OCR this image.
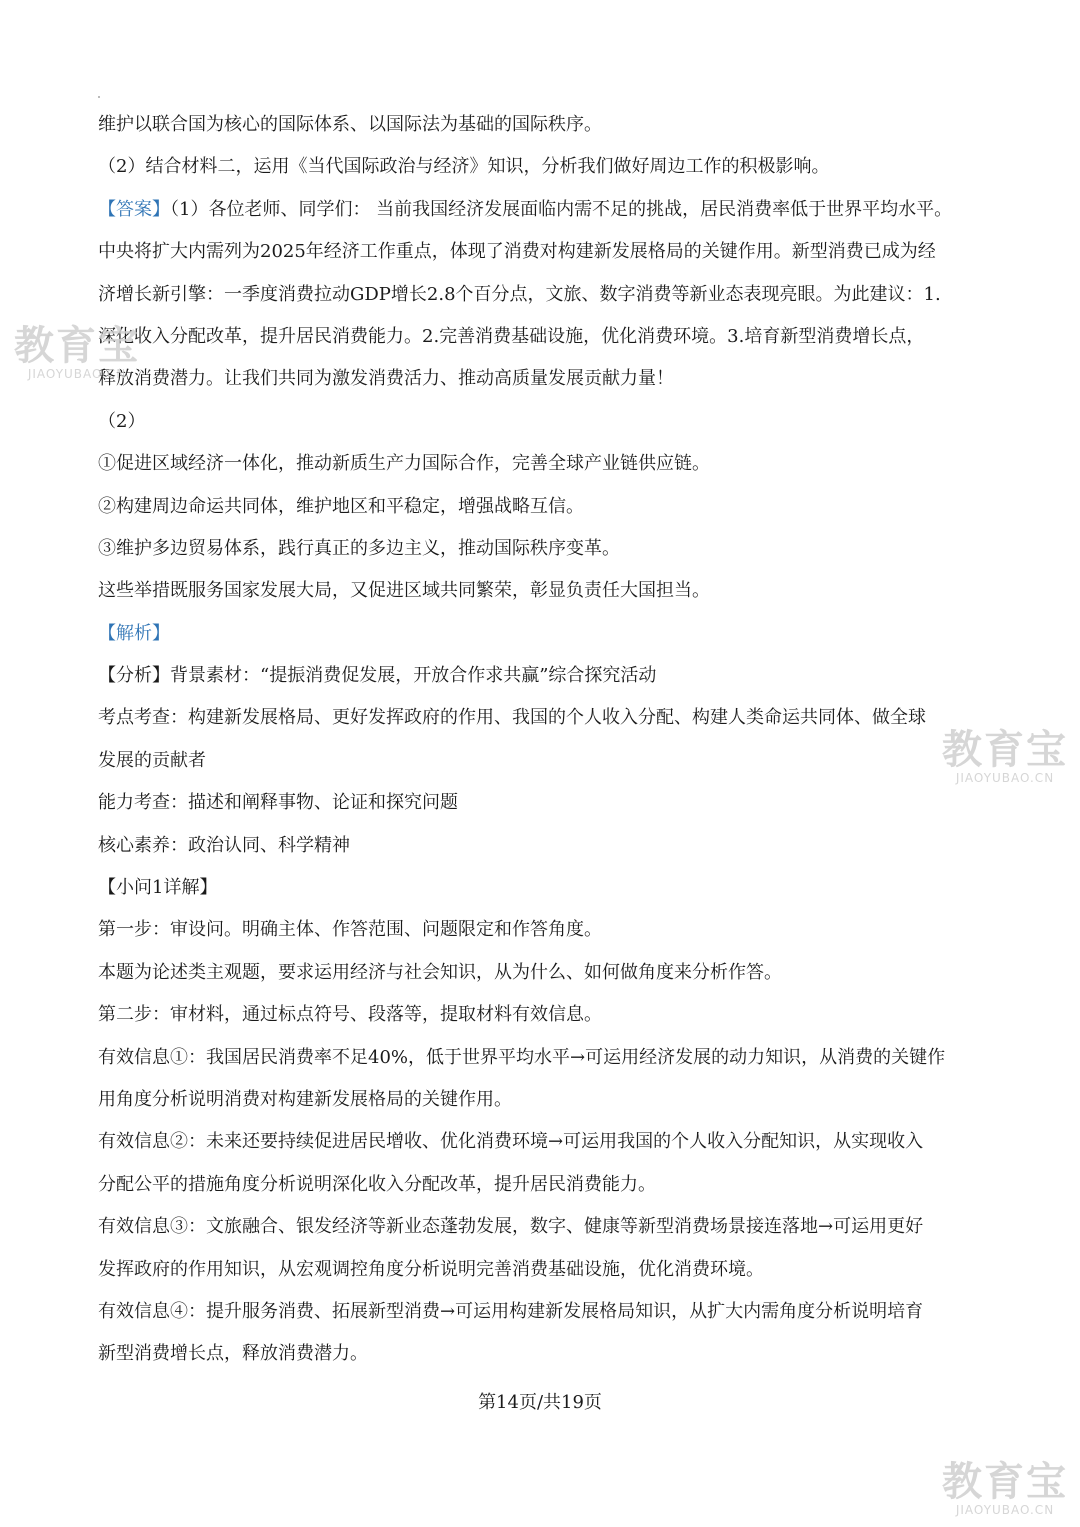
维护以联合国为核心的国际体系、以国际法为基础的国际秩序。
（2）结合材料二，运用《当代国际政治与经济》知识，分析我们做好周边工作的积极影响。
【答案】（1）各位老师、同学们： 当前我国经济发展面临内需不足的挑战，居民消费率低于世界平均水平。
中央将扩大内需列为2025年经济工作重点，体现了消费对构建新发展格局的关键作用。新型消费已成为经
济增长新引擎：一季度消费拉动GDP增长2.8个百分点，文旅、数字消费等新业态表现亮眼。为此建议：1.
深化收入分配改革，提升居民消费能力。2.完善消费基础设施，优化消费环境。3.培育新型消费增长点，
释放消费潜力。让我们共同为激发消费活力、推动高质量发展贡献力量！
（2）
①促进区域经济一体化，推动新质生产力国际合作，完善全球产业链供应链。
②构建周边命运共同体，维护地区和平稳定，增强战略互信。
③维护多边贸易体系，践行真正的多边主义，推动国际秩序变革。
这些举措既服务国家发展大局，又促进区域共同繁荣，彰显负责任大国担当。
【解析】
【分析】背景素材：“提振消费促发展，开放合作求共赢”综合探究活动
考点考查：构建新发展格局、更好发挥政府的作用、我国的个人收入分配、构建人类命运共同体、做全球
发展的贡献者
能力考查：描述和阐释事物、论证和探究问题
核心素养：政治认同、科学精神
【小问1详解】
第一步：审设问。明确主体、作答范围、问题限定和作答角度。
本题为论述类主观题，要求运用经济与社会知识，从为什么、如何做角度来分析作答。
第二步：审材料，通过标点符号、段落等，提取材料有效信息。
有效信息①：我国居民消费率不足40%，低于世界平均水平→可运用经济发展的动力知识，从消费的关键作
用角度分析说明消费对构建新发展格局的关键作用。
有效信息②：未来还要持续促进居民增收、优化消费环境→可运用我国的个人收入分配知识，从实现收入
分配公平的措施角度分析说明深化收入分配改革，提升居民消费能力。
有效信息③：文旅融合、银发经济等新业态蓬勃发展，数字、健康等新型消费场景接连落地→可运用更好
发挥政府的作用知识，从宏观调控角度分析说明完善消费基础设施，优化消费环境。
有效信息④：提升服务消费、拓展新型消费→可运用构建新发展格局知识，从扩大内需角度分析说明培育
新型消费增长点，释放消费潜力。
第14页/共19页
教育宝
JIAOYUBAO.CN
教育宝
JIAOYUBAO.CN
教育宝
JIAOYUBAO.CN
